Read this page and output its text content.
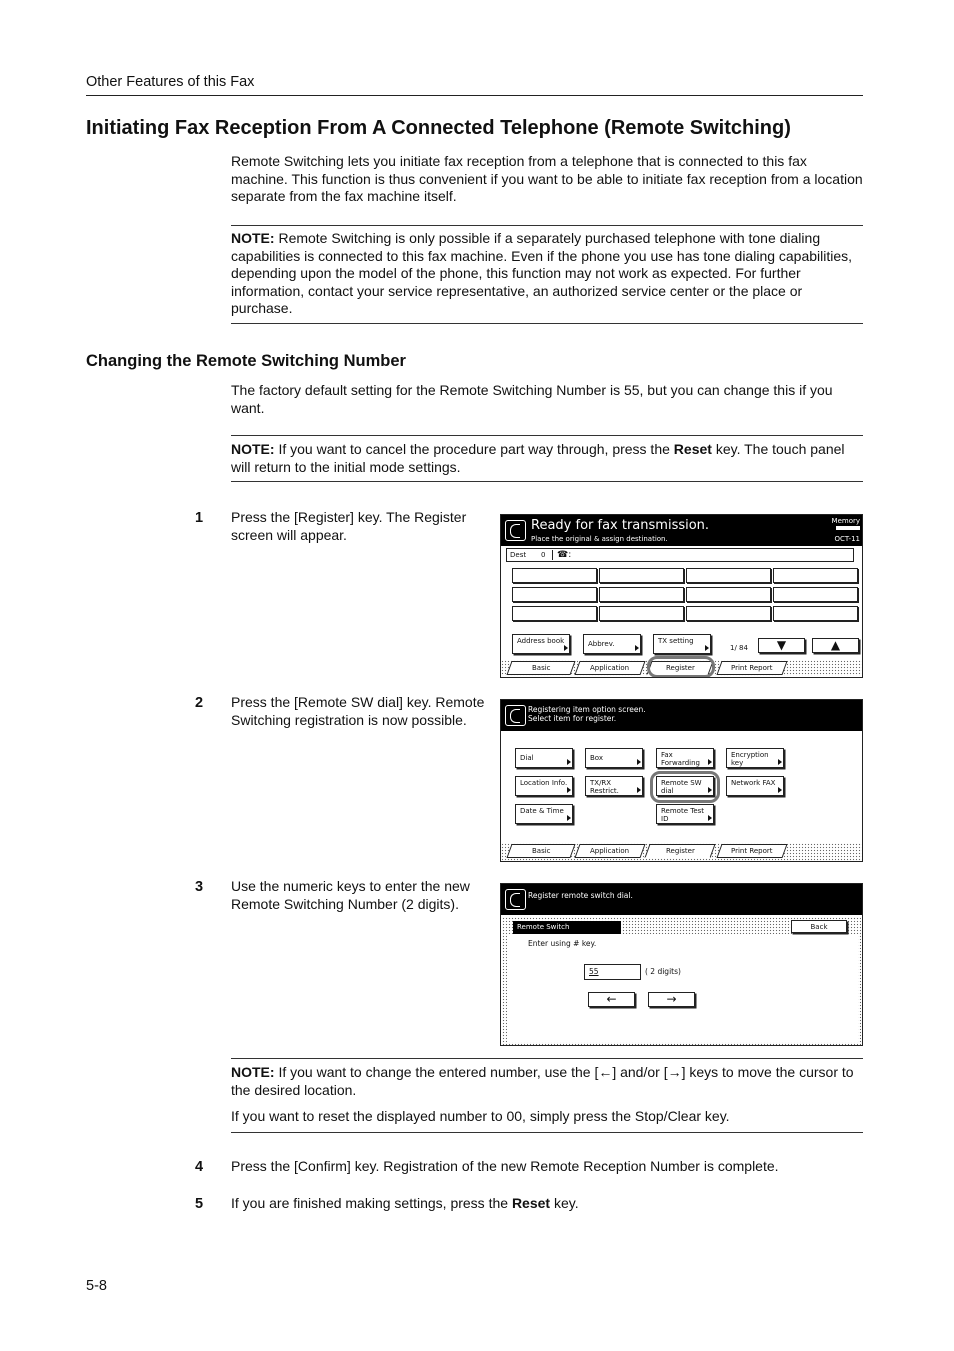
Other Features of this Fax
Initiating Fax Reception From A Connected Telephone (Remote Switching)
Remote Switching lets you initiate fax reception from a telephone that is connected to this fax machine. This function is thus convenient if you want to be able to initiate fax reception from a location separate from the fax machine itself.
NOTE: Remote Switching is only possible if a separately purchased telephone with tone dialing capabilities is connected to this fax machine. Even if the phone you use has tone dialing capabilities, depending upon the model of the phone, this function may not work as expected. For further information, contact your service representative, an authorized service center or the place or purchase.
Changing the Remote Switching Number
The factory default setting for the Remote Switching Number is 55, but you can change this if you want.
NOTE: If you want to cancel the procedure part way through, press the Reset key. The touch panel will return to the initial mode settings.
1 Press the [Register] key. The Register screen will appear.
Ready for fax transmission.
Place the original & assign destination.
Memory
OCT-11
Dest 0 ☎:
Address book	Abbrev.	TX setting
1/ 84	▼	▲
Basic	Application	Register	Print Report
2 Press the [Remote SW dial] key. Remote Switching registration is now possible.
Registering item option screen.
Select item for register.
Dial	Box	Fax Forwarding
Encryption key
Location Info.	TX/RX Restrict.
Remote SW dial
Network FAX
Date & Time	Remote Test ID
Basic	Application	Register	Print Report
3 Use the numeric keys to enter the new Remote Switching Number (2 digits).
Register remote switch dial.
Remote Switch	Back
Enter using # key.
55	( 2 digits)
←	→
NOTE: If you want to change the entered number, use the [←] and/or [→] keys to move the cursor to the desired location.
If you want to reset the displayed number to 00, simply press the Stop/Clear key.
4 Press the [Confirm] key. Registration of the new Remote Reception Number is complete.
5 If you are finished making settings, press the Reset key.
5-8
